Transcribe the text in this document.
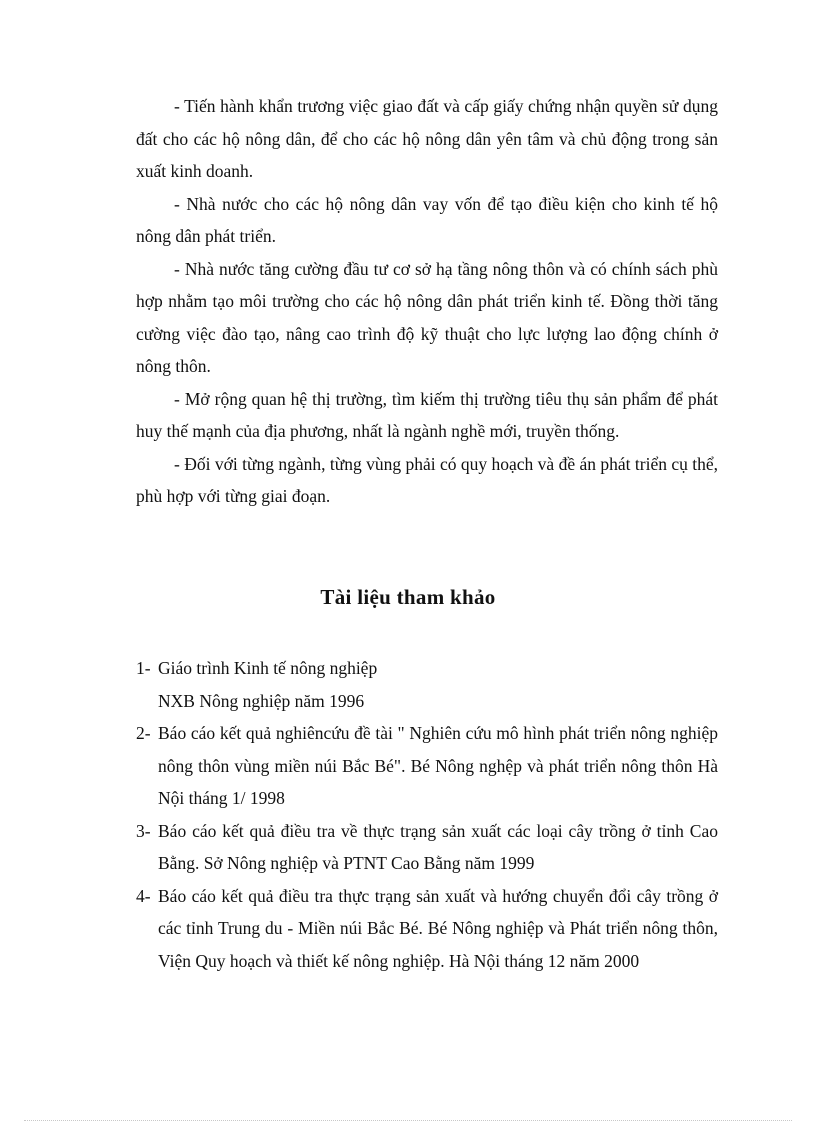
- Tiến hành khẩn trương việc giao đất và cấp giấy chứng nhận quyền sử dụng đất cho các hộ nông dân, để cho các hộ nông dân yên tâm và chủ động trong sản xuất kinh doanh.

- Nhà nước cho các hộ nông dân vay vốn để tạo điều kiện cho kinh tế hộ nông dân phát triển.

- Nhà nước tăng cường đầu tư cơ sở hạ tầng nông thôn và có chính sách phù hợp nhằm tạo môi trường cho các hộ nông dân phát triển kinh tế. Đồng thời tăng cường việc đào tạo, nâng cao trình độ kỹ thuật cho lực lượng lao động chính ở nông thôn.

- Mở rộng quan hệ thị trường, tìm kiếm thị trường tiêu thụ sản phẩm để phát huy thế mạnh của địa phương, nhất là ngành nghề mới, truyền thống.

- Đối với từng ngành, từng vùng phải có quy hoạch và đề án phát triển cụ thể, phù hợp với từng giai đoạn.

Tài liệu tham khảo
1- Giáo trình Kinh tế nông nghiệp
NXB Nông nghiệp năm 1996
2- Báo cáo kết quả nghiêncứu đề tài " Nghiên cứu mô hình phát triển nông nghiệp nông thôn vùng miền núi Bắc Bé". Bé Nông nghệp và phát triển nông thôn Hà Nội tháng 1/ 1998
3- Báo cáo kết quả điều tra về thực trạng sản xuất các loại cây trồng ở tỉnh Cao Bằng. Sở Nông nghiệp và PTNT Cao Bằng năm 1999
4- Báo cáo kết quả điều tra thực trạng sản xuất và hướng chuyển đổi cây trồng ở các tỉnh Trung du - Miền núi Bắc Bé. Bé Nông nghiệp và Phát triển nông thôn, Viện Quy hoạch và thiết kế nông nghiệp. Hà Nội tháng 12 năm 2000
